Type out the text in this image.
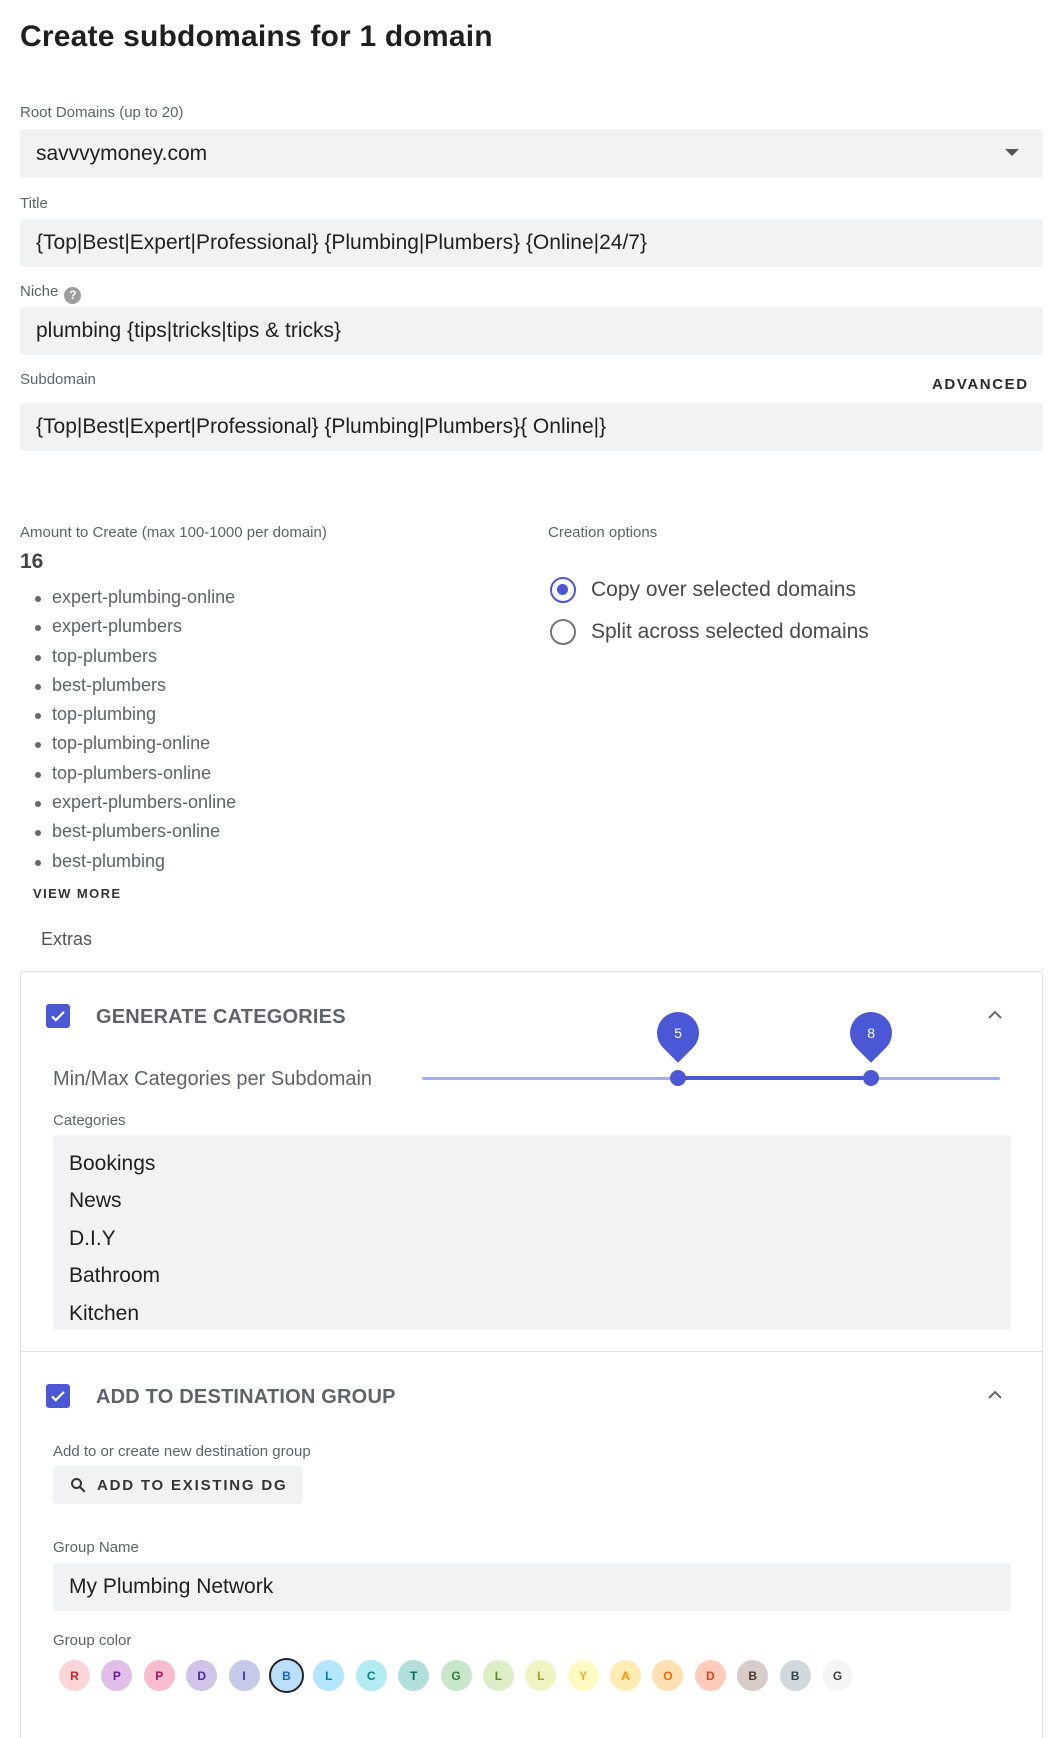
Create subdomains for 1 domain
Root Domains (up to 20)
savvvymoney.com
Title
{Top|Best|Expert|Professional} {Plumbing|Plumbers} {Online|24/7}
Niche ?
plumbing {tips|tricks|tips & tricks}
Subdomain	ADVANCED
{Top|Best|Expert|Professional} {Plumbing|Plumbers}{ Online|}
Amount to Create (max 100-1000 per domain)
16
expert-plumbing-online
expert-plumbers
top-plumbers
best-plumbers
top-plumbing
top-plumbing-online
top-plumbers-online
expert-plumbers-online
best-plumbers-online
best-plumbing
VIEW MORE
Creation options
Copy over selected domains
Split across selected domains
Extras
GENERATE CATEGORIES
Min/Max Categories per Subdomain
5	8
Categories
Bookings
News
D.I.Y
Bathroom
Kitchen
ADD TO DESTINATION GROUP
Add to or create new destination group
ADD TO EXISTING DG
Group Name
My Plumbing Network
Group color
R	P	P	D	I	B	L	C	T	G	L	L	Y	A	O	D	B	B	G
